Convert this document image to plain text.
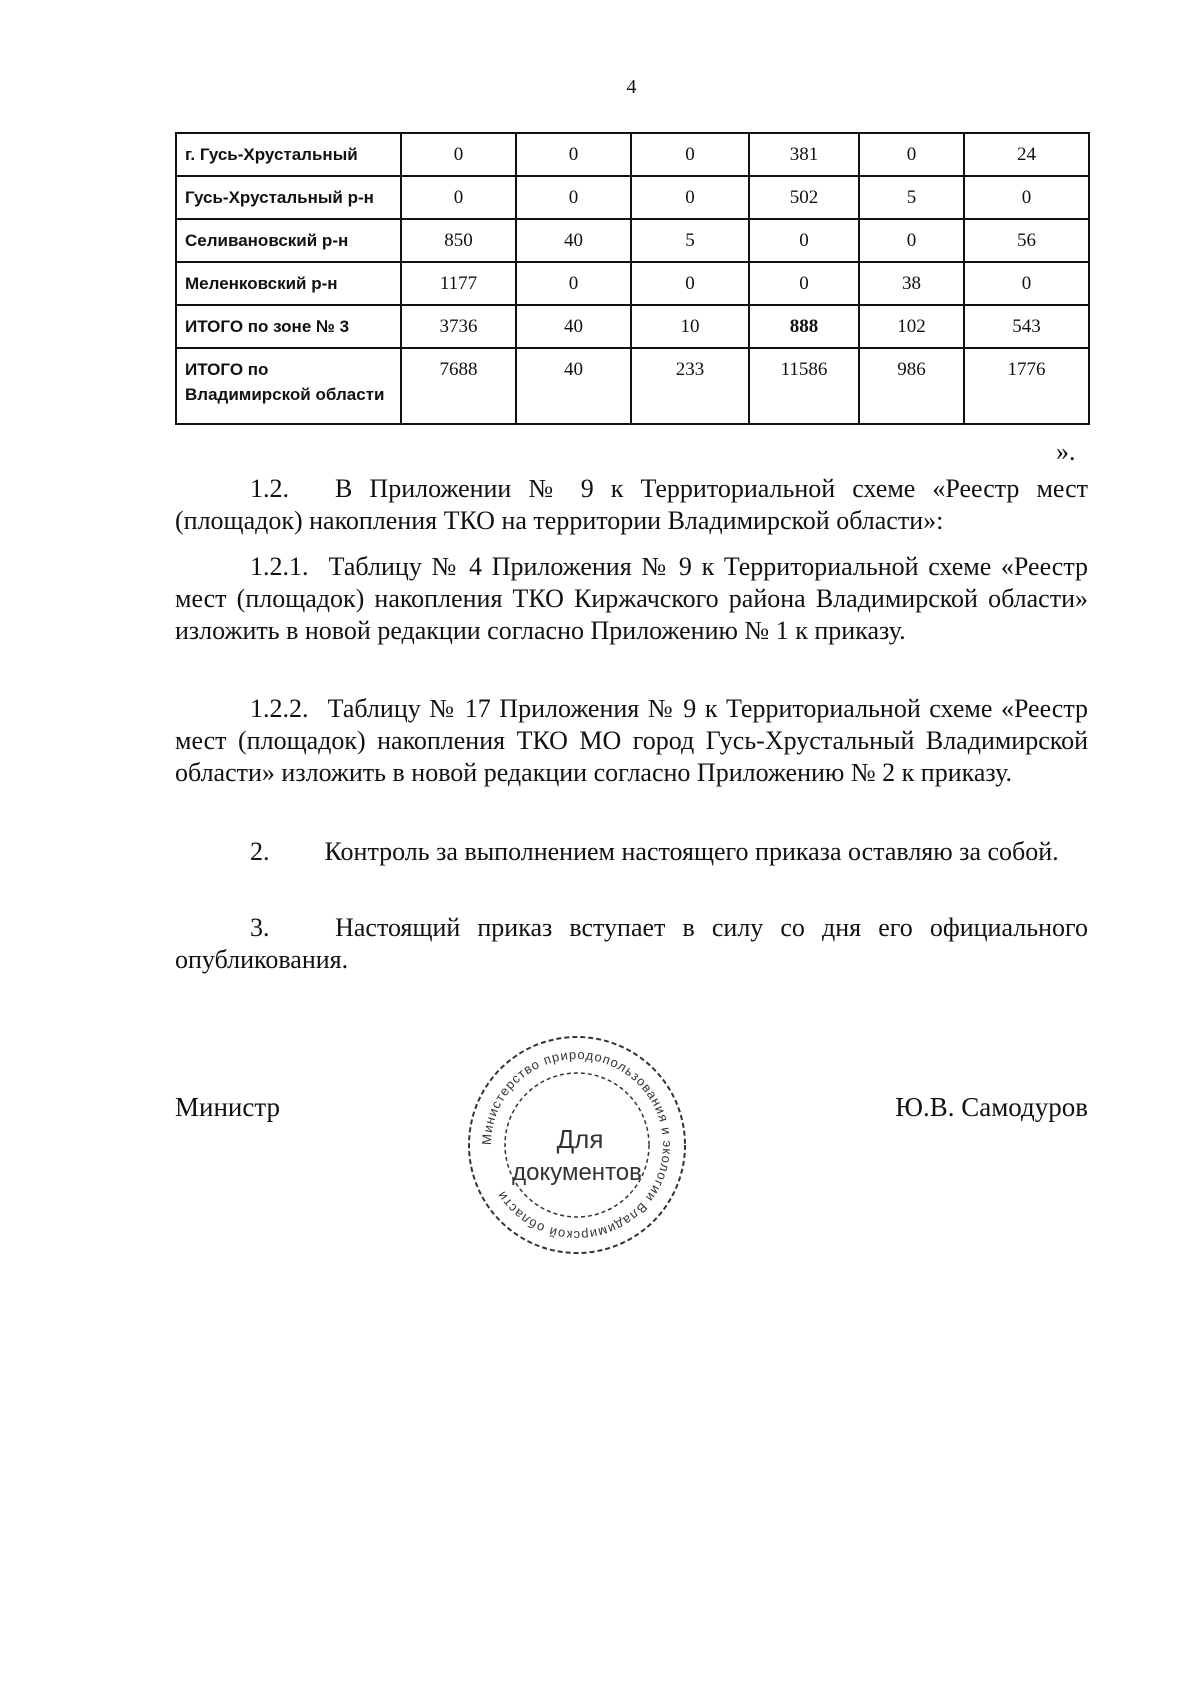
4
г. Гусь-Хрустальный	0	0	0	381	0	24
Гусь-Хрустальный р-н	0	0	0	502	5	0
Селивановский р-н	850	40	5	0	0	56
Меленковский р-н	1177	0	0	0	38	0
ИТОГО по зоне № 3	3736	40	10	888	102	543
ИТОГО по
Владимирской области	7688	40	233	11586	986	1776
».
1.2. В Приложении № 9 к Территориальной схеме «Реестр мест (площадок) накопления ТКО на территории Владимирской области»:
1.2.1. Таблицу № 4 Приложения № 9 к Территориальной схеме «Реестр мест (площадок) накопления ТКО Киржачского района Владимирской области» изложить в новой редакции согласно Приложению № 1 к приказу.
1.2.2. Таблицу № 17 Приложения № 9 к Территориальной схеме «Реестр мест (площадок) накопления ТКО МО город Гусь-Хрустальный Владимирской области» изложить в новой редакции согласно Приложению № 2 к приказу.
2. Контроль за выполнением настоящего приказа оставляю за собой.
3.	Настоящий приказ вступает в силу со дня его официального опубликования.
Министр	Ю.В. Самодуров
Министерство природопользования и экологии Владимирской области
Для
документов
